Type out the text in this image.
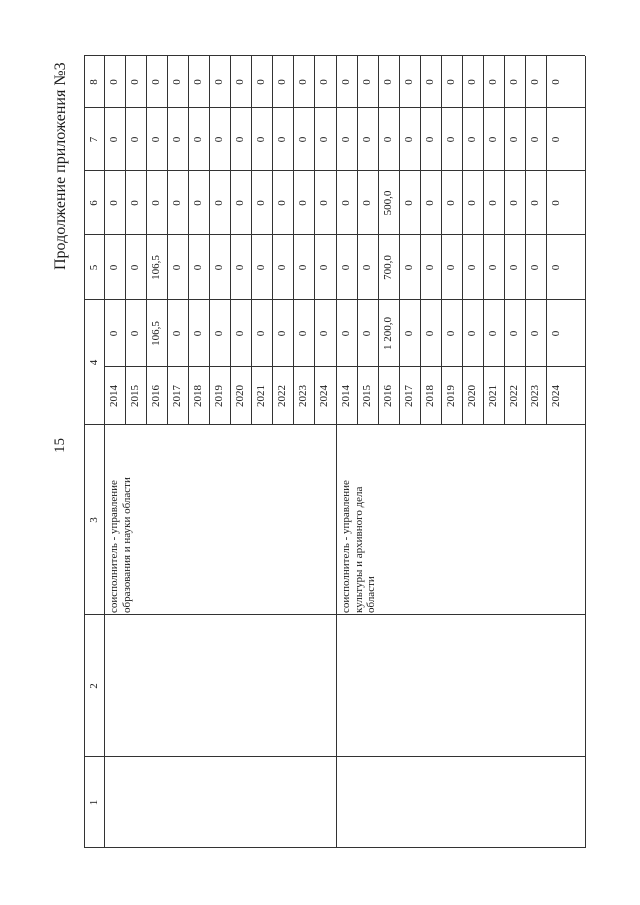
Продолжение приложения №3
15
1
2
3
4
5
6
7
8
2014
0
0
0
0
0
2015
0
0
0
0
0
2016
106,5
106,5
0
0
0
2017
0
0
0
0
0
2018
0
0
0
0
0
2019
0
0
0
0
0
2020
0
0
0
0
0
2021
0
0
0
0
0
2022
0
0
0
0
0
2023
0
0
0
0
0
2024
0
0
0
0
0
соисполнитель - управление
образования и науки области
2014
0
0
0
0
0
2015
0
0
0
0
0
2016
1 200,0
700,0
500,0
0
0
2017
0
0
0
0
0
2018
0
0
0
0
0
2019
0
0
0
0
0
2020
0
0
0
0
0
2021
0
0
0
0
0
2022
0
0
0
0
0
2023
0
0
0
0
0
2024
0
0
0
0
0
соисполнитель - управление
культуры и архивного дела
области
